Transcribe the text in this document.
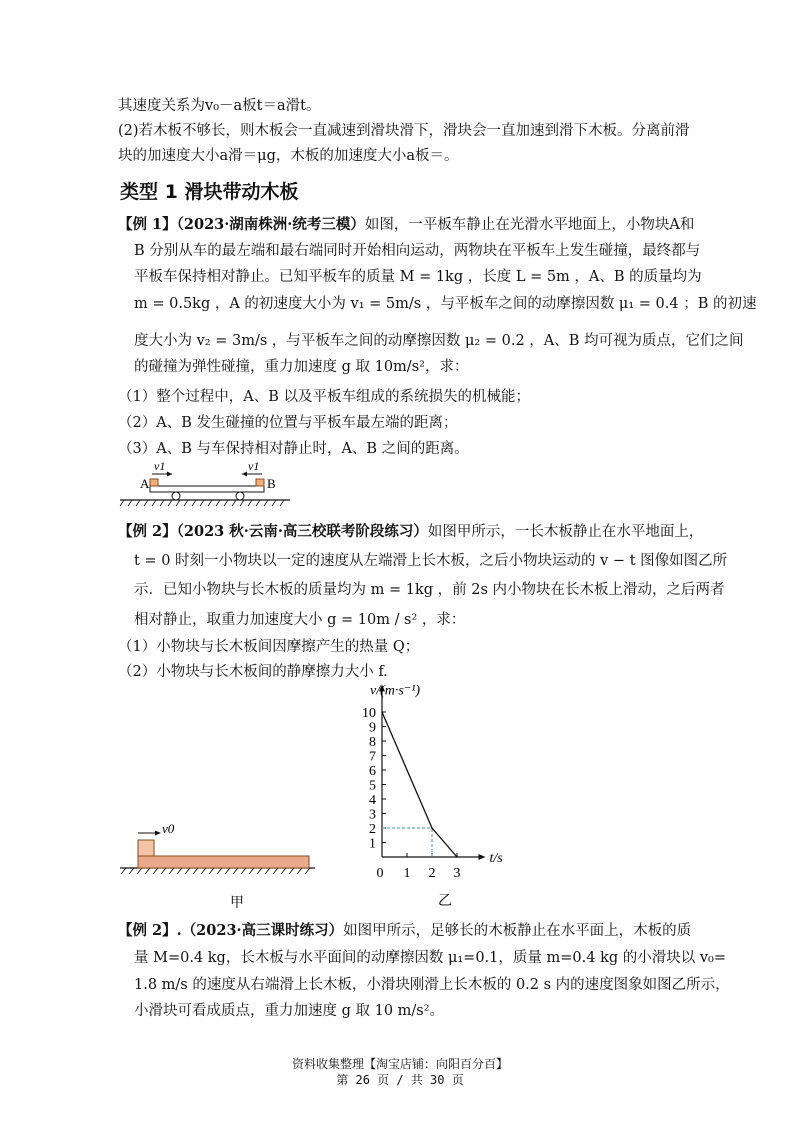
其速度关系为v₀－a板t＝a滑t。
(2)若木板不够长，则木板会一直减速到滑块滑下，滑块会一直加速到滑下木板。分离前滑
块的加速度大小a滑＝μg，木板的加速度大小a板＝。
类型 1 滑块带动木板
【例 1】（2023·湖南株洲·统考三模）如图，一平板车静止在光滑水平地面上，小物块A和
B 分别从车的最左端和最右端同时开始相向运动，两物块在平板车上发生碰撞，最终都与
平板车保持相对静止。已知平板车的质量 M = 1kg ，长度 L = 5m ，A、B 的质量均为
m = 0.5kg ，A 的初速度大小为 v₁ = 5m/s ，与平板车之间的动摩擦因数 μ₁ = 0.4 ；B 的初速
度大小为 v₂ = 3m/s ，与平板车之间的动摩擦因数 μ₂ = 0.2 ，A、B 均可视为质点，它们之间
的碰撞为弹性碰撞，重力加速度 g 取 10m/s²，求：
（1）整个过程中，A、B 以及平板车组成的系统损失的机械能；
（2）A、B 发生碰撞的位置与平板车最左端的距离；
（3）A、B 与车保持相对静止时，A、B 之间的距离。
A	B
v1	v1
【例 2】（2023 秋·云南·高三校联考阶段练习）如图甲所示，一长木板静止在水平地面上，
t = 0 时刻一小物块以一定的速度从左端滑上长木板，之后小物块运动的 v − t 图像如图乙所
示．已知小物块与长木板的质量均为 m = 1kg ，前 2s 内小物块在长木板上滑动，之后两者
相对静止，取重力加速度大小 g = 10m / s² ，求：
（1）小物块与长木板间因摩擦产生的热量 Q；
（2）小物块与长木板间的静摩擦力大小 f.
v0
甲
1
2
3
4
5
6
7
8
9
10
0 1 2 3
v/(m·s⁻¹)
t/s
乙
【例 2】.（2023·高三课时练习）如图甲所示，足够长的木板静止在水平面上，木板的质
量 M=0.4 kg，长木板与水平面间的动摩擦因数 μ₁=0.1，质量 m=0.4 kg 的小滑块以 v₀=
1.8 m/s 的速度从右端滑上长木板，小滑块刚滑上长木板的 0.2 s 内的速度图象如图乙所示，
小滑块可看成质点，重力加速度 g 取 10 m/s²。
资料收集整理【淘宝店铺：向阳百分百】
第 26 页 / 共 30 页
